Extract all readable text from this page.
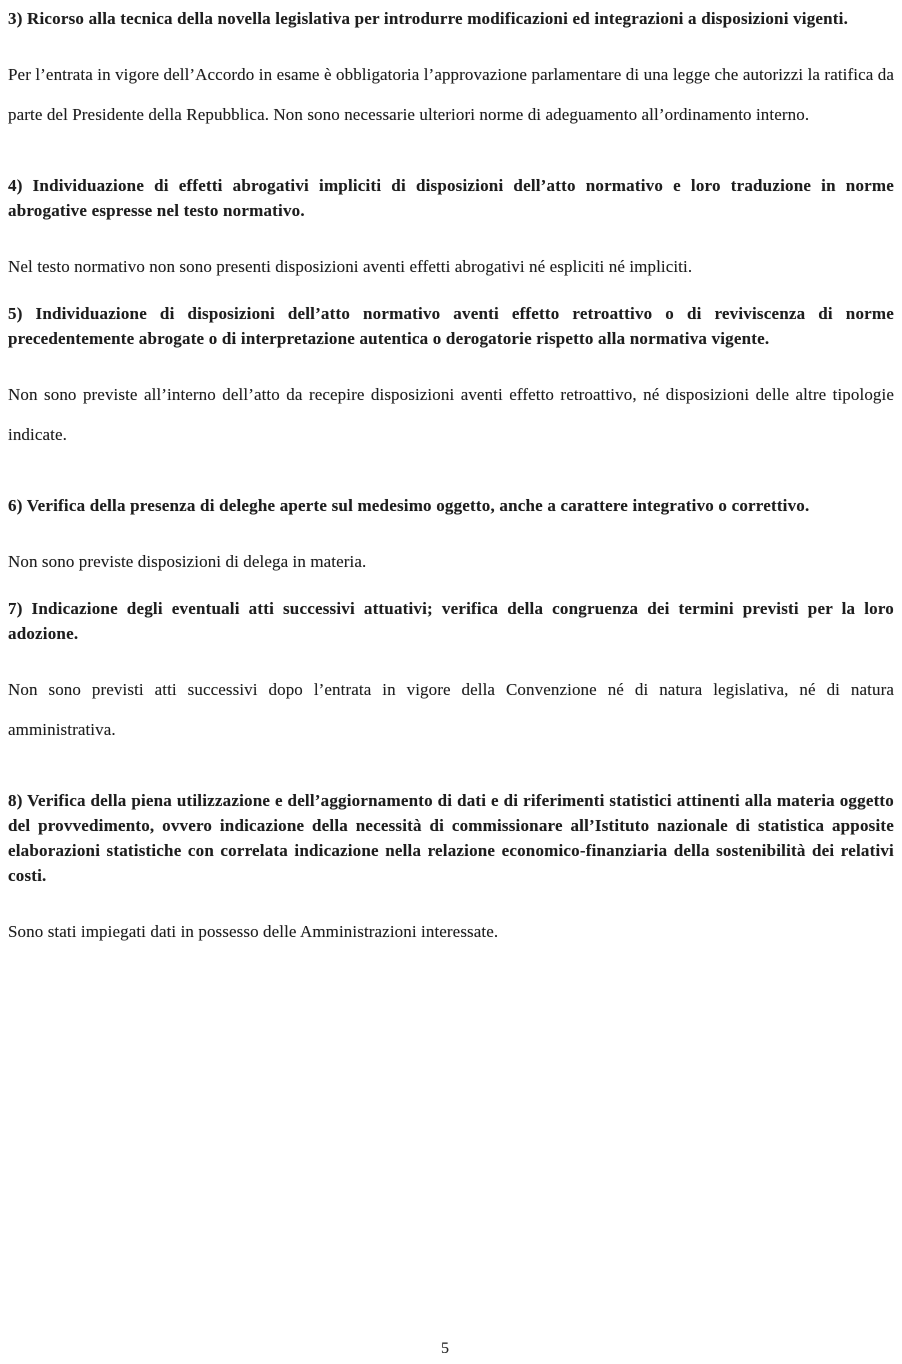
3) Ricorso alla tecnica della novella legislativa per introdurre modificazioni ed integrazioni a disposizioni vigenti.

Per l’entrata in vigore dell’Accordo in esame è obbligatoria l’approvazione parlamentare di una legge che autorizzi la ratifica da parte del Presidente della Repubblica. Non sono necessarie ulteriori norme di adeguamento all’ordinamento interno.

4) Individuazione di effetti abrogativi impliciti di disposizioni dell’atto normativo e loro traduzione in norme abrogative espresse nel testo normativo.

Nel testo normativo non sono presenti disposizioni aventi effetti abrogativi né espliciti né impliciti.

5) Individuazione di disposizioni dell’atto normativo aventi effetto retroattivo o di reviviscenza di norme precedentemente abrogate o di interpretazione autentica o derogatorie rispetto alla normativa vigente.

Non sono previste all’interno dell’atto da recepire disposizioni aventi effetto retroattivo, né disposizioni delle altre tipologie indicate.

6) Verifica della presenza di deleghe aperte sul medesimo oggetto, anche a carattere integrativo o correttivo.

Non sono previste disposizioni di delega in materia.

7) Indicazione degli eventuali atti successivi attuativi; verifica della congruenza dei termini previsti per la loro adozione.

Non sono previsti atti successivi dopo l’entrata in vigore della Convenzione né di natura legislativa, né di natura amministrativa.

8) Verifica della piena utilizzazione e dell’aggiornamento di dati e di riferimenti statistici attinenti alla materia oggetto del provvedimento, ovvero indicazione della necessità di commissionare all’Istituto nazionale di statistica apposite elaborazioni statistiche con correlata indicazione nella relazione economico-finanziaria della sostenibilità dei relativi costi.

Sono stati impiegati dati in possesso delle Amministrazioni interessate.

5
